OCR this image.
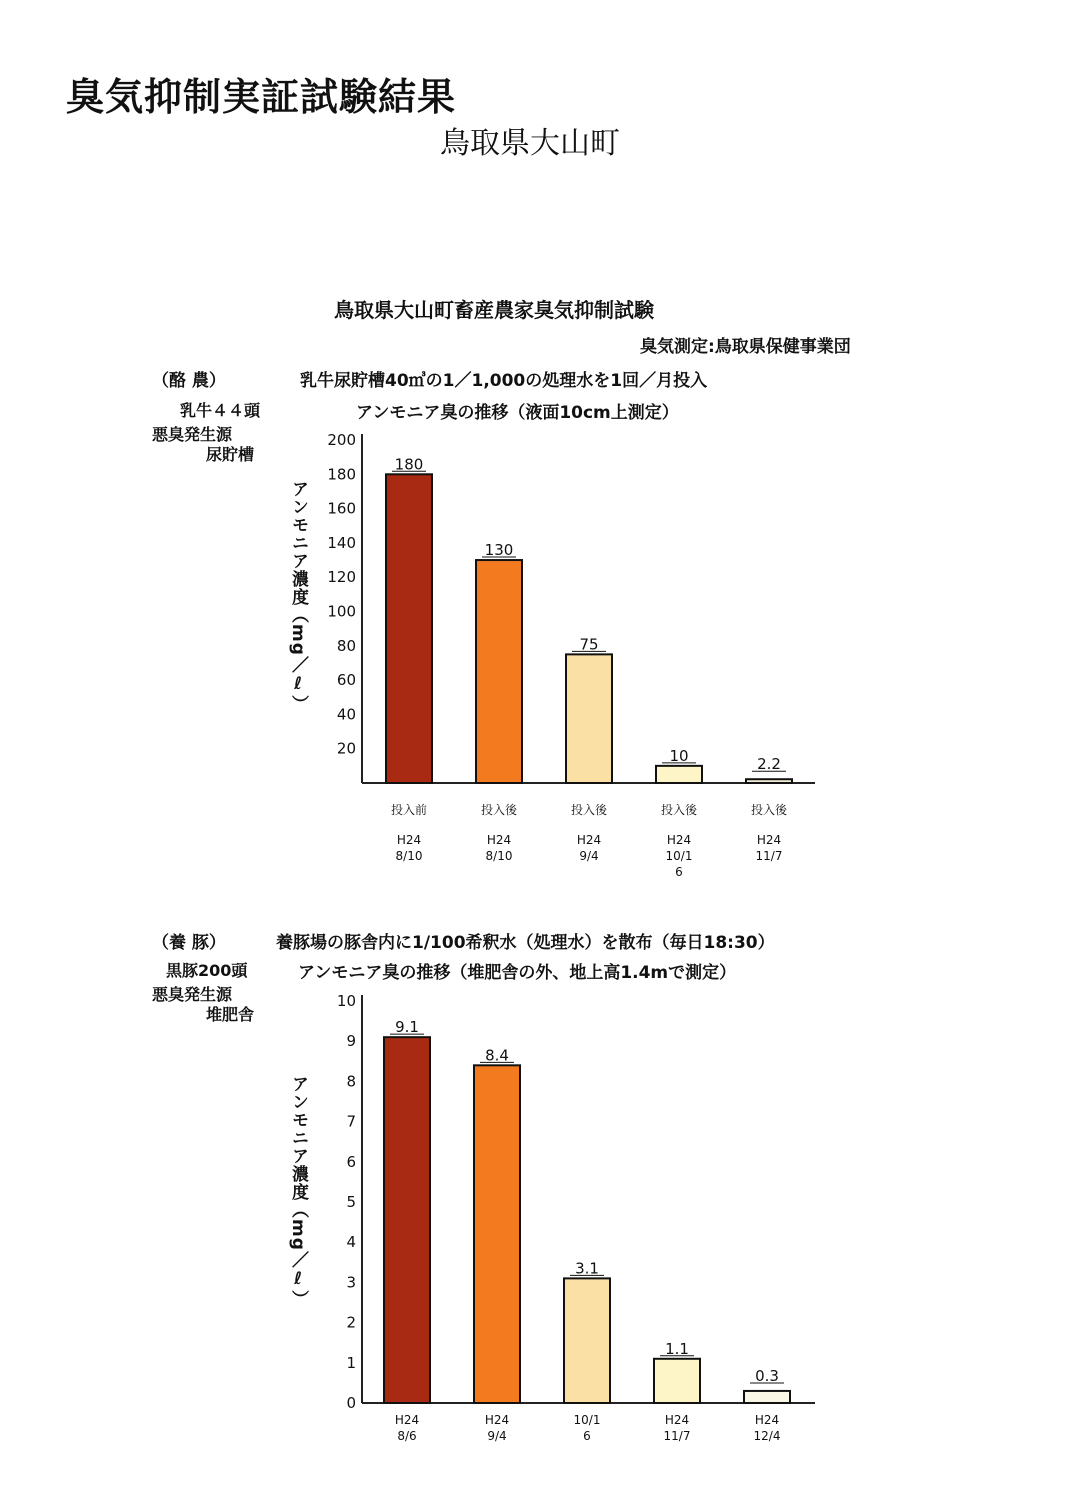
臭気抑制実証試験結果
鳥取県大山町
鳥取県大山町畜産農家臭気抑制試験
臭気測定:鳥取県保健事業団
（酪 農）	乳牛尿貯槽40㎥の1／1,000の処理水を1回／月投入
乳牛４４頭	アンモニア臭の推移（液面10cm上測定）
悪臭発生源
尿貯槽
（養 豚）	養豚場の豚舎内に1/100希釈水（処理水）を散布（毎日18:30）
黒豚200頭	アンモニア臭の推移（堆肥舎の外、地上高1.4mで測定）
悪臭発生源
堆肥舎
20
40
60
80
100
120
140
160
180
200
アンモニア濃度（mg／ℓ）
180
投入前
H24
8/10
130
投入後
H24
8/10
75
投入後
H24
9/4
10
投入後
H24
10/1
6
2.2
投入後
H24
11/7
0
1
2
3
4
5
6
7
8
9
10
アンモニア濃度（mg／ℓ）
9.1
H24
8/6
8.4
H24
9/4
3.1
10/1
6
1.1
H24
11/7
0.3
H24
12/4
